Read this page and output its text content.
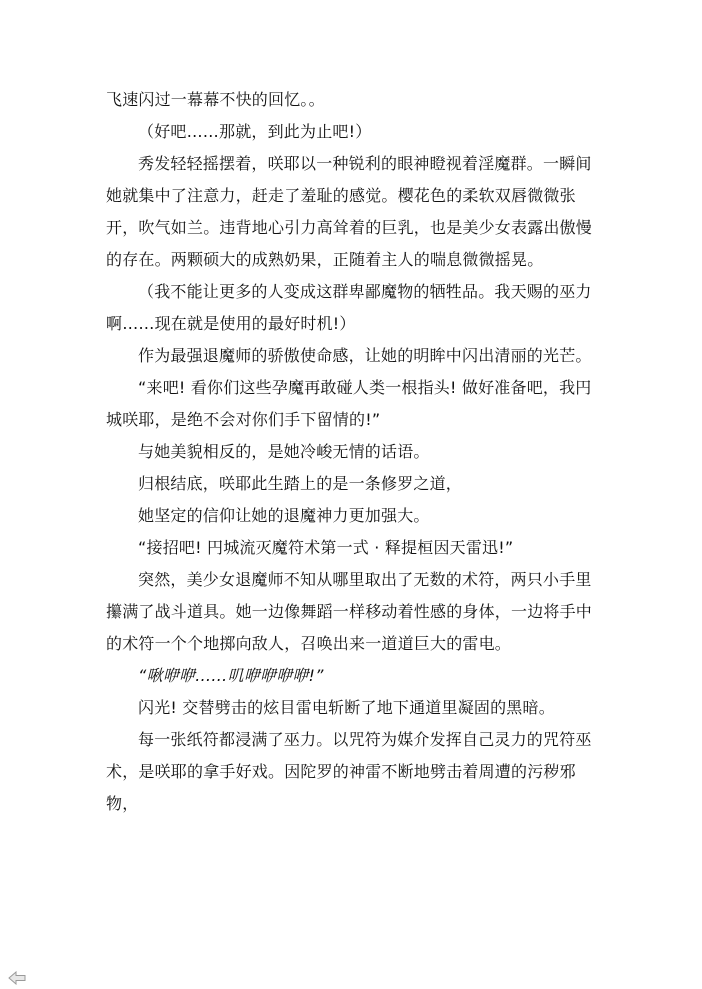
飞速闪过一幕幕不快的回忆。。

（好吧……那就，到此为止吧!）

秀发轻轻摇摆着，咲耶以一种锐利的眼神瞪视着淫魔群。一瞬间她就集中了注意力，赶走了羞耻的感觉。樱花色的柔软双唇微微张开，吹气如兰。违背地心引力高耸着的巨乳，也是美少女表露出傲慢的存在。两颗硕大的成熟奶果，正随着主人的喘息微微摇晃。

（我不能让更多的人变成这群卑鄙魔物的牺牲品。我天赐的巫力啊……现在就是使用的最好时机!）

作为最强退魔师的骄傲使命感，让她的明眸中闪出清丽的光芒。

“来吧! 看你们这些孕魔再敢碰人类一根指头! 做好准备吧，我円城咲耶，是绝不会对你们手下留情的!”

与她美貌相反的，是她冷峻无情的话语。

归根结底，咲耶此生踏上的是一条修罗之道，

她坚定的信仰让她的退魔神力更加强大。

“接招吧! 円城流灭魔符术第一式 · 释提桓因天雷迅!”

突然，美少女退魔师不知从哪里取出了无数的术符，两只小手里攥满了战斗道具。她一边像舞蹈一样移动着性感的身体，一边将手中的术符一个个地掷向敌人，召唤出来一道道巨大的雷电。

“啾咿咿……叽咿咿咿咿!”

闪光! 交替劈击的炫目雷电斩断了地下通道里凝固的黑暗。

每一张纸符都浸满了巫力。以咒符为媒介发挥自己灵力的咒符巫术，是咲耶的拿手好戏。因陀罗的神雷不断地劈击着周遭的污秽邪物，
